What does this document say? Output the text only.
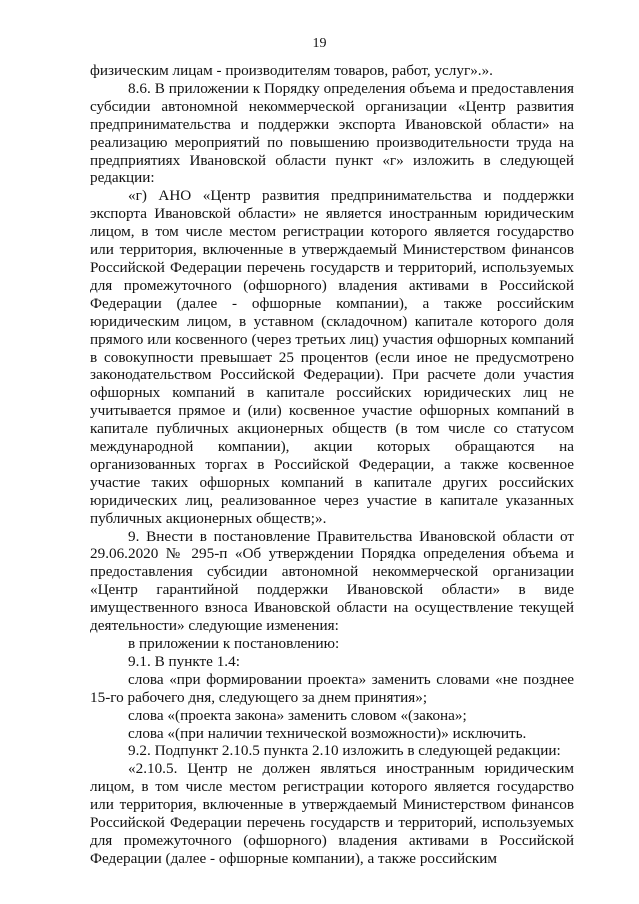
19

физическим лицам - производителям товаров, работ, услуг».».

8.6. В приложении к Порядку определения объема и предоставления субсидии автономной некоммерческой организации «Центр развития предпринимательства и поддержки экспорта Ивановской области» на реализацию мероприятий по повышению производительности труда на предприятиях Ивановской области пункт «г» изложить в следующей редакции:

«г) АНО «Центр развития предпринимательства и поддержки экспорта Ивановской области» не является иностранным юридическим лицом, в том числе местом регистрации которого является государство или территория, включенные в утверждаемый Министерством финансов Российской Федерации перечень государств и территорий, используемых для промежуточного (офшорного) владения активами в Российской Федерации (далее - офшорные компании), а также российским юридическим лицом, в уставном (складочном) капитале которого доля прямого или косвенного (через третьих лиц) участия офшорных компаний в совокупности превышает 25 процентов (если иное не предусмотрено законодательством Российской Федерации). При расчете доли участия офшорных компаний в капитале российских юридических лиц не учитывается прямое и (или) косвенное участие офшорных компаний в капитале публичных акционерных обществ (в том числе со статусом международной компании), акции которых обращаются на организованных торгах в Российской Федерации, а также косвенное участие таких офшорных компаний в капитале других российских юридических лиц, реализованное через участие в капитале указанных публичных акционерных обществ;».

9. Внести в постановление Правительства Ивановской области от 29.06.2020 № 295-п «Об утверждении Порядка определения объема и предоставления субсидии автономной некоммерческой организации «Центр гарантийной поддержки Ивановской области» в виде имущественного взноса Ивановской области на осуществление текущей деятельности» следующие изменения:

в приложении к постановлению:

9.1. В пункте 1.4:

слова «при формировании проекта» заменить словами «не позднее 15-го рабочего дня, следующего за днем принятия»;

слова «(проекта закона» заменить словом «(закона»;

слова «(при наличии технической возможности)» исключить.

9.2. Подпункт 2.10.5 пункта 2.10 изложить в следующей редакции:

«2.10.5. Центр не должен являться иностранным юридическим лицом, в том числе местом регистрации которого является государство или территория, включенные в утверждаемый Министерством финансов Российской Федерации перечень государств и территорий, используемых для промежуточного (офшорного) владения активами в Российской Федерации (далее - офшорные компании), а также российским
